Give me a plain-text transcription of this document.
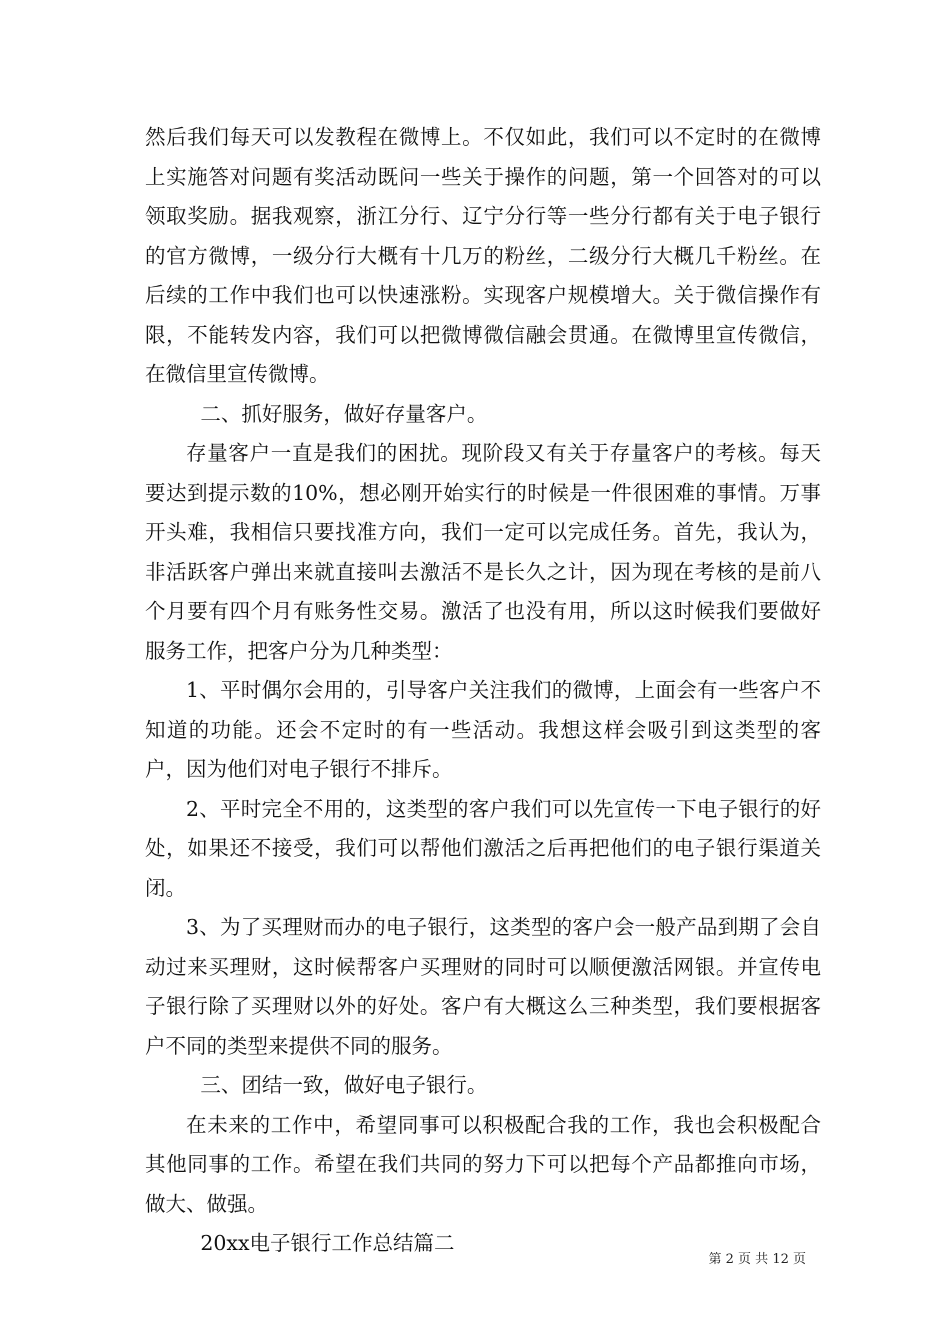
然后我们每天可以发教程在微博上。不仅如此，我们可以不定时的在微博上实施答对问题有奖活动既问一些关于操作的问题，第一个回答对的可以领取奖励。据我观察，浙江分行、辽宁分行等一些分行都有关于电子银行的官方微博，一级分行大概有十几万的粉丝，二级分行大概几千粉丝。在后续的工作中我们也可以快速涨粉。实现客户规模增大。关于微信操作有限，不能转发内容，我们可以把微博微信融会贯通。在微博里宣传微信，在微信里宣传微博。

二、抓好服务，做好存量客户。

存量客户一直是我们的困扰。现阶段又有关于存量客户的考核。每天要达到提示数的10%，想必刚开始实行的时候是一件很困难的事情。万事开头难，我相信只要找准方向，我们一定可以完成任务。首先，我认为，非活跃客户弹出来就直接叫去激活不是长久之计，因为现在考核的是前八个月要有四个月有账务性交易。激活了也没有用，所以这时候我们要做好服务工作，把客户分为几种类型：

1、平时偶尔会用的，引导客户关注我们的微博，上面会有一些客户不知道的功能。还会不定时的有一些活动。我想这样会吸引到这类型的客户，因为他们对电子银行不排斥。

2、平时完全不用的，这类型的客户我们可以先宣传一下电子银行的好处，如果还不接受，我们可以帮他们激活之后再把他们的电子银行渠道关闭。

3、为了买理财而办的电子银行，这类型的客户会一般产品到期了会自动过来买理财，这时候帮客户买理财的同时可以顺便激活网银。并宣传电子银行除了买理财以外的好处。客户有大概这么三种类型，我们要根据客户不同的类型来提供不同的服务。

三、团结一致，做好电子银行。

在未来的工作中，希望同事可以积极配合我的工作，我也会积极配合其他同事的工作。希望在我们共同的努力下可以把每个产品都推向市场，做大、做强。

20xx电子银行工作总结篇二

第 2 页 共 12 页
